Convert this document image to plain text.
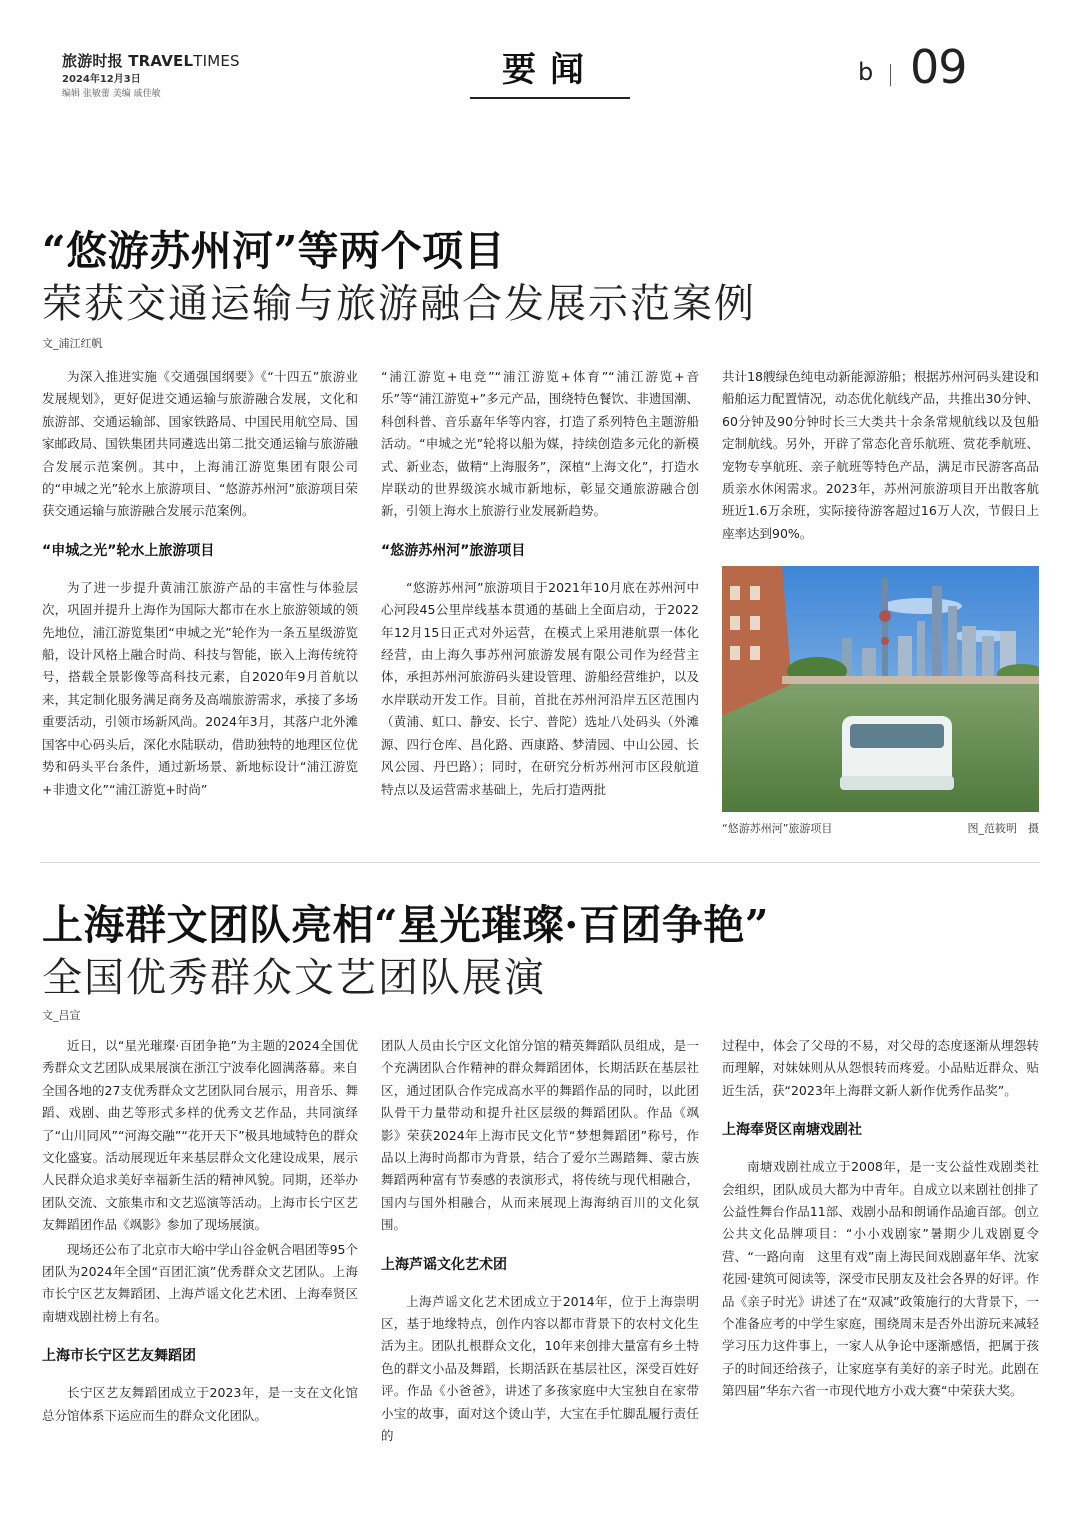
旅游时报 TRAVELTIMES
2024年12月3日
编辑 张敏蕾 美编 戚佳敏
要闻	b 09
“悠游苏州河”等两个项目
荣获交通运输与旅游融合发展示范案例
文_浦江红帆

为深入推进实施《交通强国纲要》《“十四五”旅游业发展规划》，更好促进交通运输与旅游融合发展，文化和旅游部、交通运输部、国家铁路局、中国民用航空局、国家邮政局、国铁集团共同遴选出第二批交通运输与旅游融合发展示范案例。其中，上海浦江游览集团有限公司的“申城之光”轮水上旅游项目、“悠游苏州河”旅游项目荣获交通运输与旅游融合发展示范案例。

“申城之光”轮水上旅游项目

为了进一步提升黄浦江旅游产品的丰富性与体验层次，巩固并提升上海作为国际大都市在水上旅游领域的领先地位，浦江游览集团“申城之光”轮作为一条五星级游览船，设计风格上融合时尚、科技与智能，嵌入上海传统符号，搭载全景影像等高科技元素，自2020年9月首航以来，其定制化服务满足商务及高端旅游需求，承接了多场重要活动，引领市场新风尚。2024年3月，其落户北外滩国客中心码头后，深化水陆联动，借助独特的地理区位优势和码头平台条件，通过新场景、新地标设计“浦江游览+非遗文化”“浦江游览+时尚”

“浦江游览+电竞”“浦江游览+体育”“浦江游览+音乐”等“浦江游览+”多元产品，围绕特色餐饮、非遗国潮、科创科普、音乐嘉年华等内容，打造了系列特色主题游船活动。“申城之光”轮将以船为媒，持续创造多元化的新模式、新业态，做精“上海服务”，深植“上海文化”，打造水岸联动的世界级滨水城市新地标，彰显交通旅游融合创新，引领上海水上旅游行业发展新趋势。

“悠游苏州河”旅游项目

“悠游苏州河”旅游项目于2021年10月底在苏州河中心河段45公里岸线基本贯通的基础上全面启动，于2022年12月15日正式对外运营，在模式上采用港航票一体化经营，由上海久事苏州河旅游发展有限公司作为经营主体，承担苏州河旅游码头建设管理、游船经营维护，以及水岸联动开发工作。目前，首批在苏州河沿岸五区范围内（黄浦、虹口、静安、长宁、普陀）选址八处码头（外滩源、四行仓库、昌化路、西康路、梦清园、中山公园、长风公园、丹巴路）；同时，在研究分析苏州河市区段航道特点以及运营需求基础上，先后打造两批

共计18艘绿色纯电动新能源游船；根据苏州河码头建设和船舶运力配置情况，动态优化航线产品，共推出30分钟、60分钟及90分钟时长三大类共十余条常规航线以及包船定制航线。另外，开辟了常态化音乐航班、赏花季航班、宠物专享航班、亲子航班等特色产品，满足市民游客高品质亲水休闲需求。2023年，苏州河旅游项目开出散客航班近1.6万余班，实际接待游客超过16万人次，节假日上座率达到90%。

“悠游苏州河”旅游项目	图_范筱明　摄
上海群文团队亮相“星光璀璨·百团争艳”
全国优秀群众文艺团队展演
文_吕宣

近日，以“星光璀璨·百团争艳”为主题的2024全国优秀群众文艺团队成果展演在浙江宁波奉化圆满落幕。来自全国各地的27支优秀群众文艺团队同台展示，用音乐、舞蹈、戏剧、曲艺等形式多样的优秀文艺作品，共同演绎了“山川同风”“河海交融”“花开天下”极具地域特色的群众文化盛宴。活动展现近年来基层群众文化建设成果，展示人民群众追求美好幸福新生活的精神风貌。同期，还举办团队交流、文旅集市和文艺巡演等活动。上海市长宁区艺友舞蹈团作品《飒影》参加了现场展演。

现场还公布了北京市大峪中学山谷金帆合唱团等95个团队为2024年全国“百团汇演”优秀群众文艺团队。上海市长宁区艺友舞蹈团、上海芦谣文化艺术团、上海奉贤区南塘戏剧社榜上有名。

上海市长宁区艺友舞蹈团

长宁区艺友舞蹈团成立于2023年，是一支在文化馆总分馆体系下运应而生的群众文化团队。

团队人员由长宁区文化馆分馆的精英舞蹈队员组成，是一个充满团队合作精神的群众舞蹈团体，长期活跃在基层社区，通过团队合作完成高水平的舞蹈作品的同时，以此团队骨干力量带动和提升社区层级的舞蹈团队。作品《飒影》荣获2024年上海市民文化节“梦想舞蹈团”称号，作品以上海时尚都市为背景，结合了爱尔兰踢踏舞、蒙古族舞蹈两种富有节奏感的表演形式，将传统与现代相融合，国内与国外相融合，从而来展现上海海纳百川的文化氛围。

上海芦谣文化艺术团

上海芦谣文化艺术团成立于2014年，位于上海崇明区，基于地缘特点，创作内容以都市背景下的农村文化生活为主。团队扎根群众文化，10年来创排大量富有乡土特色的群文小品及舞蹈，长期活跃在基层社区，深受百姓好评。作品《小爸爸》，讲述了多孩家庭中大宝独自在家带小宝的故事，面对这个烫山芋，大宝在手忙脚乱履行责任的

过程中，体会了父母的不易，对父母的态度逐渐从埋怨转而理解，对妹妹则从从怨恨转而疼爱。小品贴近群众、贴近生活，获“2023年上海群文新人新作优秀作品奖”。

上海奉贤区南塘戏剧社

南塘戏剧社成立于2008年，是一支公益性戏剧类社会组织，团队成员大都为中青年。自成立以来剧社创排了公益性舞台作品11部、戏剧小品和朗诵作品逾百部。创立公共文化品牌项目：“小小戏剧家”暑期少儿戏剧夏令营、“一路向南　这里有戏”南上海民间戏剧嘉年华、沈家花园·建筑可阅读等，深受市民朋友及社会各界的好评。作品《亲子时光》讲述了在“双减”政策施行的大背景下，一个准备应考的中学生家庭，围绕周末是否外出游玩来减轻学习压力这件事上，一家人从争论中逐渐感悟，把属于孩子的时间还给孩子，让家庭享有美好的亲子时光。此剧在第四届”华东六省一市现代地方小戏大赛“中荣获大奖。
